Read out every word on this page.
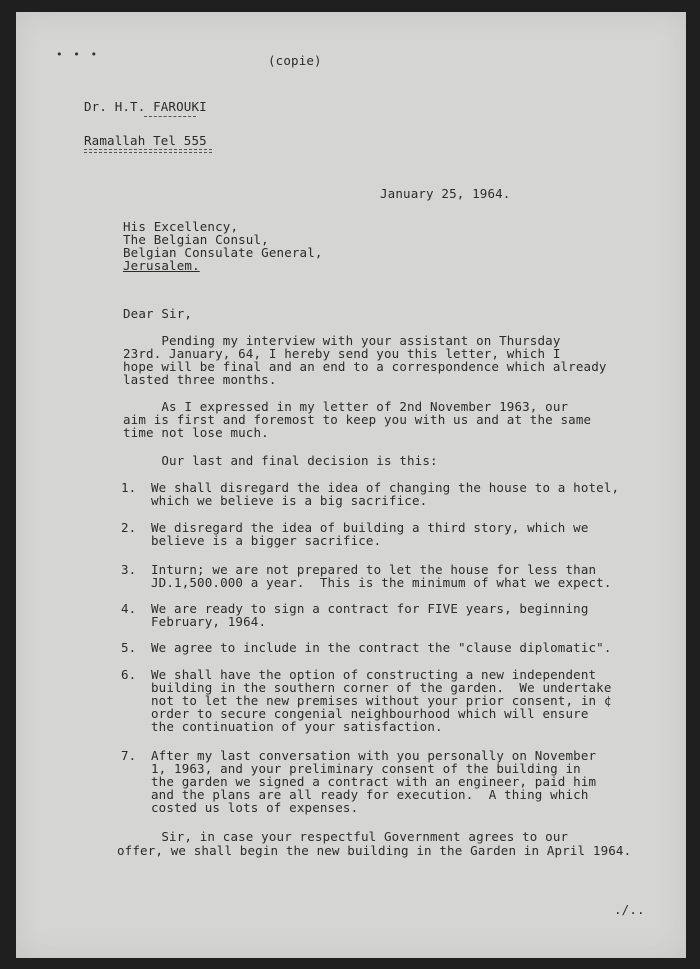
• • •	(copie)
Dr. H.T. FAROUKI
Ramallah Tel 555
January 25, 1964.
His Excellency,
The Belgian Consul,
Belgian Consulate General,
Jerusalem.
Dear Sir,
Pending my interview with your assistant on Thursday
23rd. January, 64, I hereby send you this letter, which I
hope will be final and an end to a correspondence which already
lasted three months.
As I expressed in my letter of 2nd November 1963, our
aim is first and foremost to keep you with us and at the same
time not lose much.
Our last and final decision is this:
1. We shall disregard the idea of changing the house to a hotel,
which we believe is a big sacrifice.
2. We disregard the idea of building a third story, which we
believe is a bigger sacrifice.
3. Inturn; we are not prepared to let the house for less than
JD.1,500.000 a year.  This is the minimum of what we expect.
4. We are ready to sign a contract for FIVE years, beginning
February, 1964.
5. We agree to include in the contract the "clause diplomatic".
6. We shall have the option of constructing a new independent
building in the southern corner of the garden.  We undertake
not to let the new premises without your prior consent, in ¢
order to secure congenial neighbourhood which will ensure
the continuation of your satisfaction.
7. After my last conversation with you personally on November
1, 1963, and your preliminary consent of the building in
the garden we signed a contract with an engineer, paid him
and the plans are all ready for execution.  A thing which
costed us lots of expenses.
Sir, in case your respectful Government agrees to our
offer, we shall begin the new building in the Garden in April 1964.
./..
